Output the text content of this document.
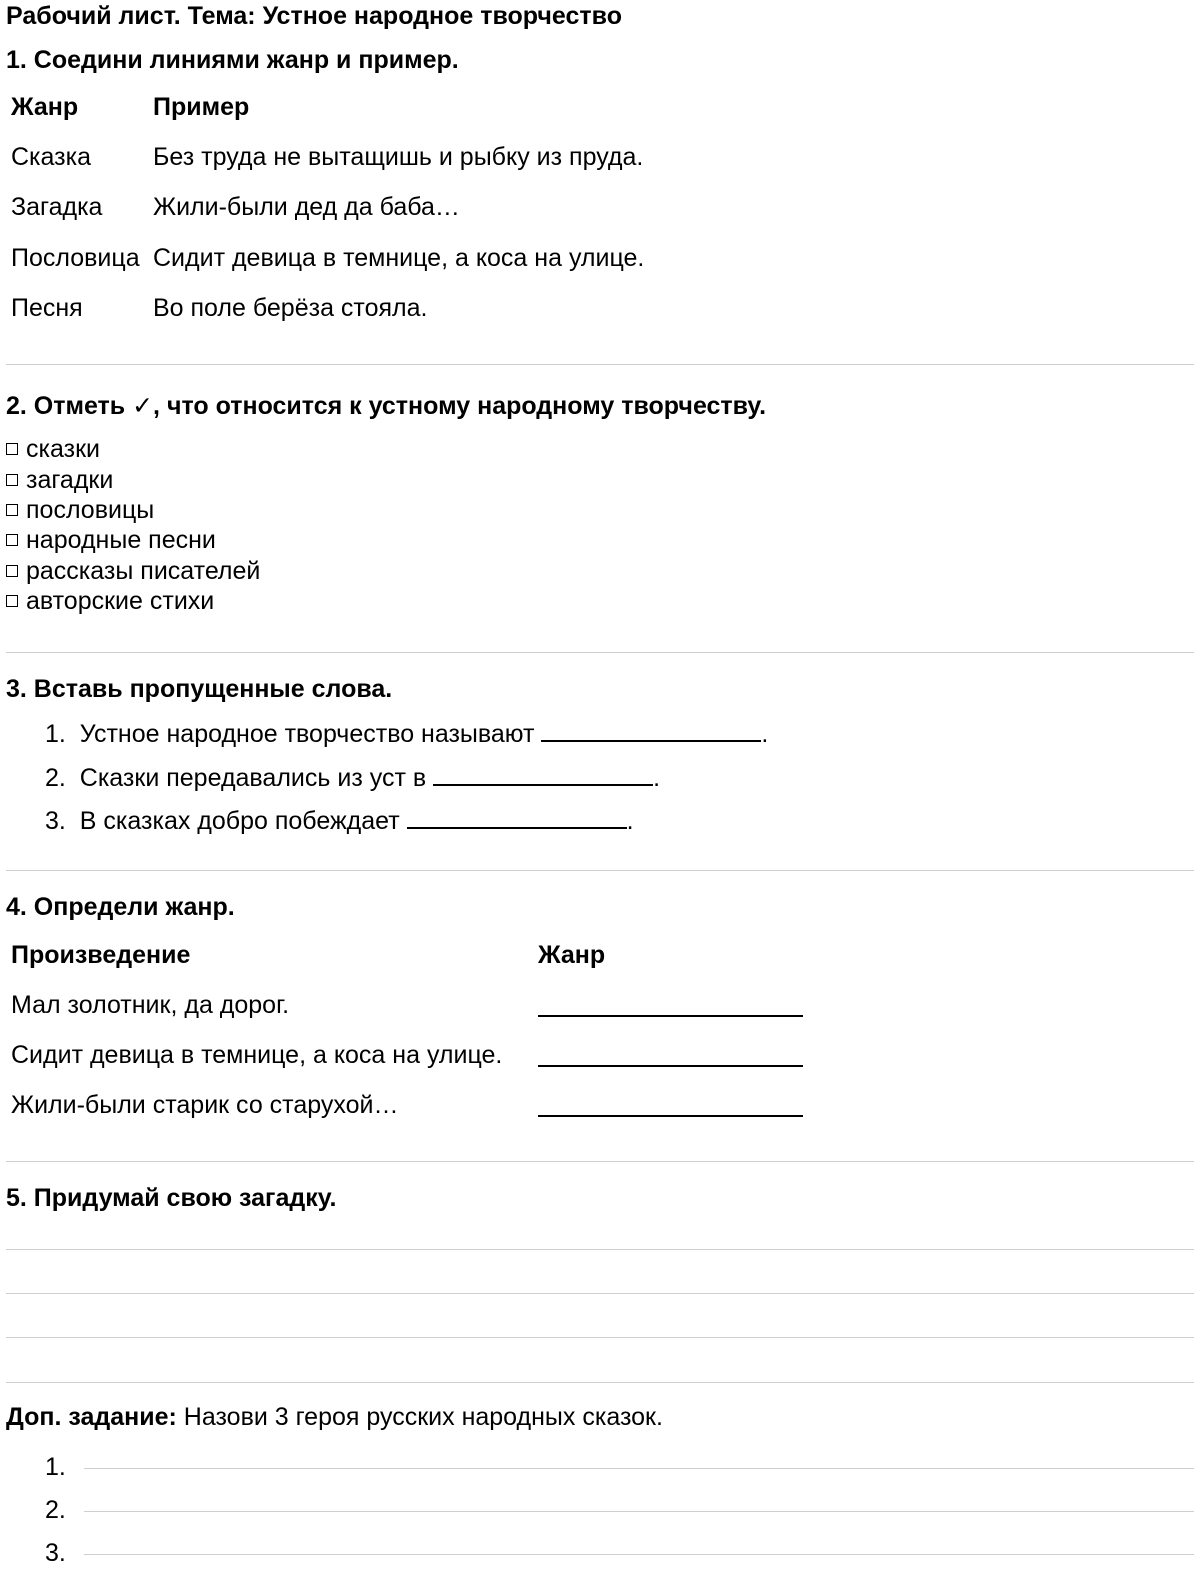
Рабочий лист. Тема: Устное народное творчество
1. Соедини линиями жанр и пример.
Жанр	Пример
Сказка Без труда не вытащишь и рыбку из пруда.
Загадка Жили-были дед да баба…
Пословица Сидит девица в темнице, а коса на улице.
Песня	Во поле берёза стояла.
2. Отметь ✓, что относится к устному народному творчеству.
сказки
загадки
пословицы
народные песни
рассказы писателей
авторские стихи
3. Вставь пропущенные слова.
1. Устное народное творчество называют	.
2. Сказки передавались из уст в	.
3. В сказках добро побеждает	.
4. Определи жанр.
Произведение	Жанр
Мал золотник, да дорог.
Сидит девица в темнице, а коса на улице.
Жили-были старик со старухой…
5. Придумай свою загадку.
Доп. задание: Назови 3 героя русских народных сказок.
1.
2.
3.
